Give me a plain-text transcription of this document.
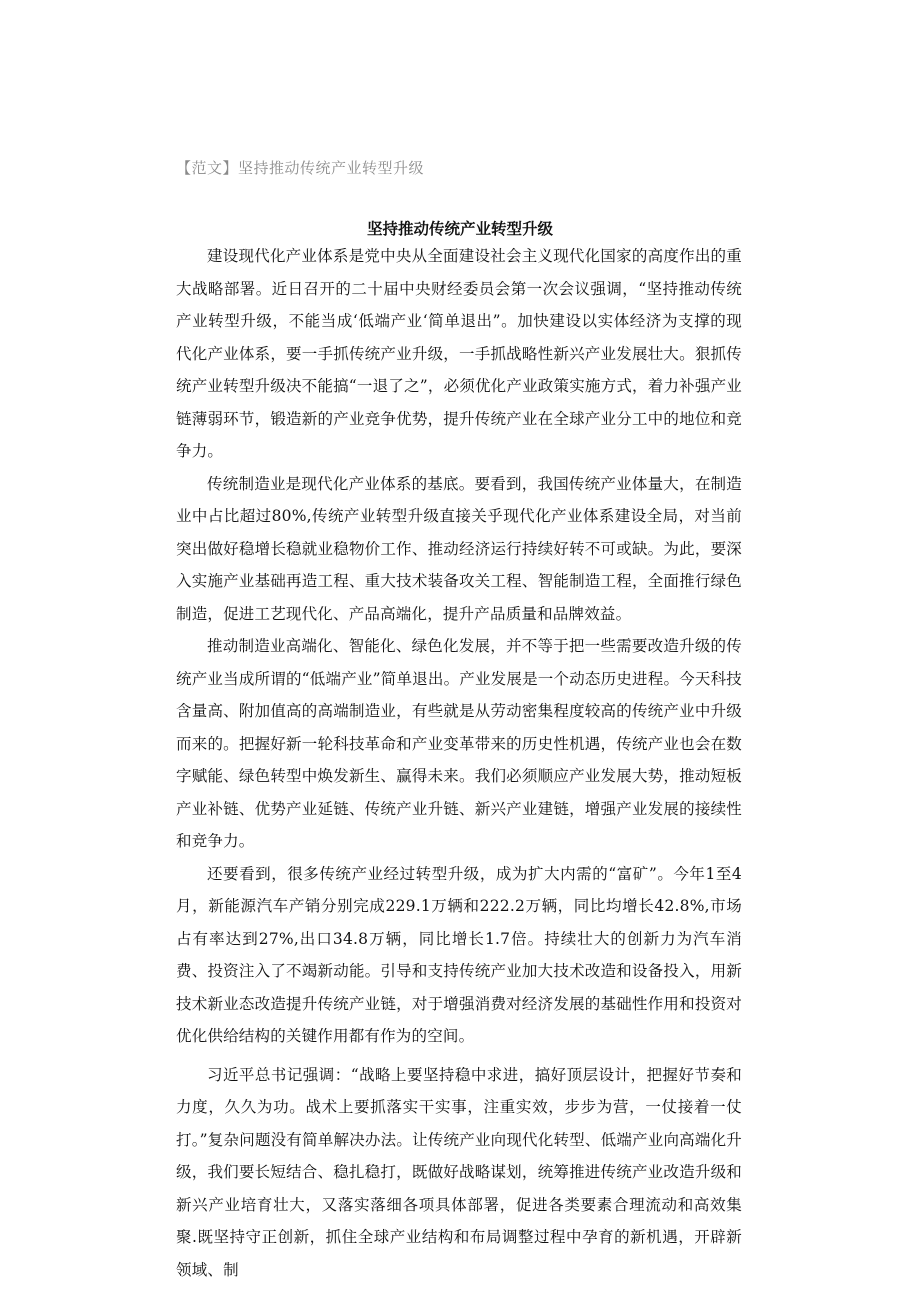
【范文】坚持推动传统产业转型升级
坚持推动传统产业转型升级

建设现代化产业体系是党中央从全面建设社会主义现代化国家的高度作出的重大战略部署。近日召开的二十届中央财经委员会第一次会议强调，“坚持推动传统产业转型升级，不能当成‘低端产业‘简单退出”。加快建设以实体经济为支撑的现代化产业体系，要一手抓传统产业升级，一手抓战略性新兴产业发展壮大。狠抓传统产业转型升级决不能搞“一退了之”，必须优化产业政策实施方式，着力补强产业链薄弱环节，锻造新的产业竞争优势，提升传统产业在全球产业分工中的地位和竞争力。

传统制造业是现代化产业体系的基底。要看到，我国传统产业体量大，在制造业中占比超过80%,传统产业转型升级直接关乎现代化产业体系建设全局，对当前突出做好稳增长稳就业稳物价工作、推动经济运行持续好转不可或缺。为此，要深入实施产业基础再造工程、重大技术装备攻关工程、智能制造工程，全面推行绿色制造，促进工艺现代化、产品高端化，提升产品质量和品牌效益。

推动制造业高端化、智能化、绿色化发展，并不等于把一些需要改造升级的传统产业当成所谓的“低端产业”简单退出。产业发展是一个动态历史进程。今天科技含量高、附加值高的高端制造业，有些就是从劳动密集程度较高的传统产业中升级而来的。把握好新一轮科技革命和产业变革带来的历史性机遇，传统产业也会在数字赋能、绿色转型中焕发新生、赢得未来。我们必须顺应产业发展大势，推动短板产业补链、优势产业延链、传统产业升链、新兴产业建链，增强产业发展的接续性和竞争力。

还要看到，很多传统产业经过转型升级，成为扩大内需的“富矿”。今年1至4月，新能源汽车产销分别完成229.1万辆和222.2万辆，同比均增长42.8%,市场占有率达到27%,出口34.8万辆，同比增长1.7倍。持续壮大的创新力为汽车消费、投资注入了不竭新动能。引导和支持传统产业加大技术改造和设备投入，用新技术新业态改造提升传统产业链，对于增强消费对经济发展的基础性作用和投资对优化供给结构的关键作用都有作为的空间。

习近平总书记强调：“战略上要坚持稳中求进，搞好顶层设计，把握好节奏和力度，久久为功。战术上要抓落实干实事，注重实效，步步为营，一仗接着一仗打。”复杂问题没有简单解决办法。让传统产业向现代化转型、低端产业向高端化升级，我们要长短结合、稳扎稳打，既做好战略谋划，统筹推进传统产业改造升级和新兴产业培育壮大，又落实落细各项具体部署，促进各类要素合理流动和高效集聚.既坚持守正创新，抓住全球产业结构和布局调整过程中孕育的新机遇，开辟新领域、制
